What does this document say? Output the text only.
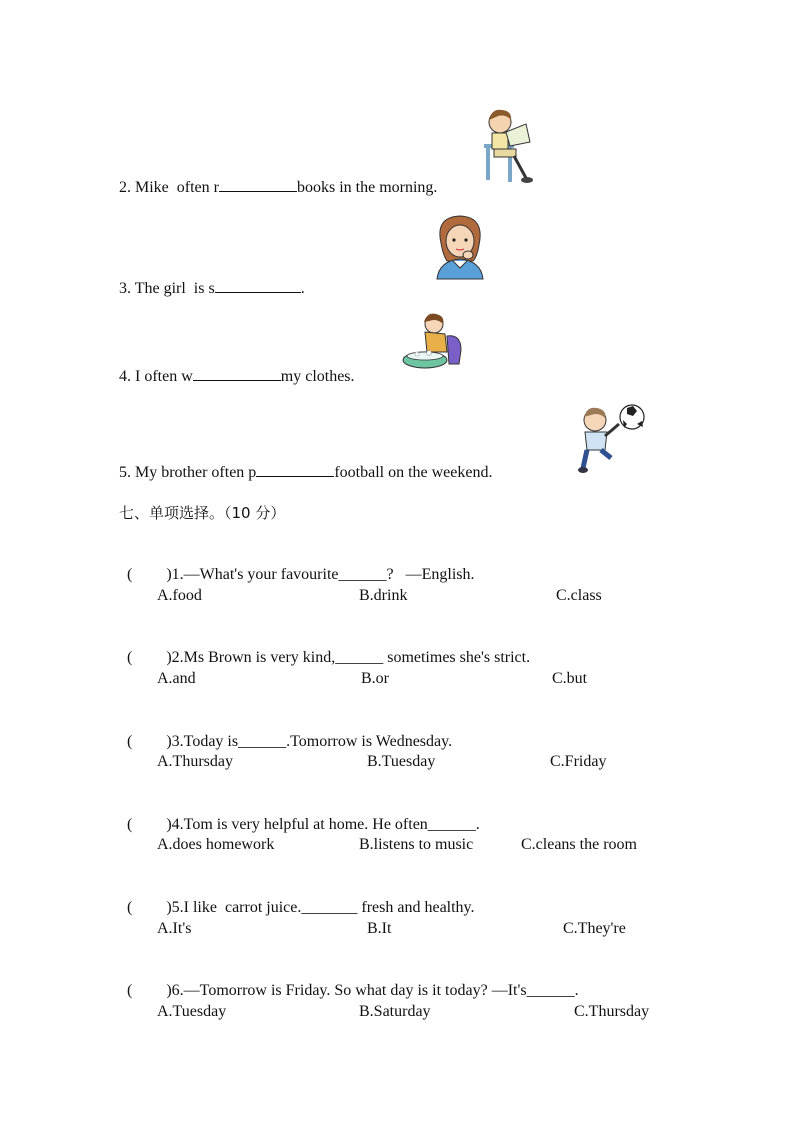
2. Mike  often r	books in the morning.
3. The girl  is s	.
4. I often w	my clothes.
5. My brother often p	football on the weekend.
七、单项选择。（10 分）

( )1.—What's your favourite______?   —English.

A.food	B.drink	C.class

( )2.Ms Brown is very kind,______ sometimes she's strict.

A.and	B.or	C.but

( )3.Today is______.Tomorrow is Wednesday.

A.Thursday	B.Tuesday	C.Friday

( )4.Tom is very helpful at home. He often______.

A.does homework	B.listens to music	C.cleans the room

( )5.I like  carrot juice._______ fresh and healthy.

A.It's	B.It	C.They're

( )6.—Tomorrow is Friday. So what day is it today? —It's______.

A.Tuesday	B.Saturday	C.Thursday
